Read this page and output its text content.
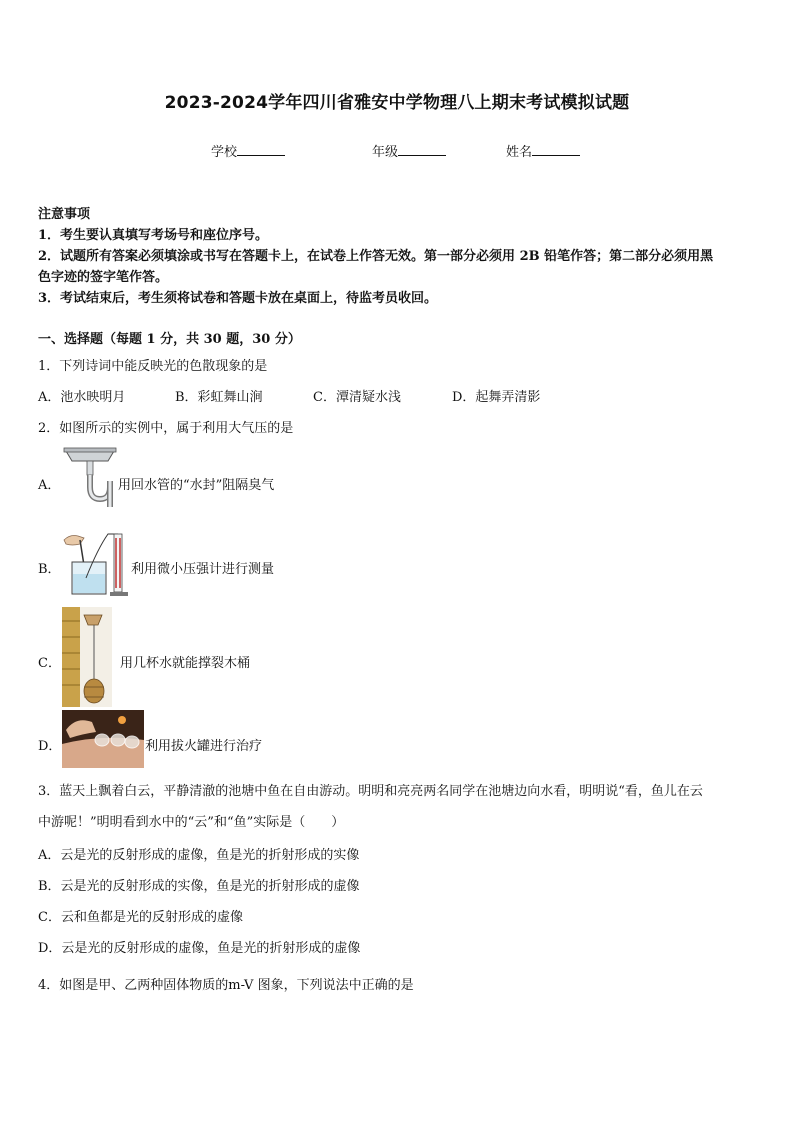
2023-2024学年四川省雅安中学物理八上期末考试模拟试题
学校	年级	姓名
注意事项
1．考生要认真填写考场号和座位序号。
2．试题所有答案必须填涂或书写在答题卡上，在试卷上作答无效。第一部分必须用 2B 铅笔作答；第二部分必须用黑
色字迹的签字笔作答。
3．考试结束后，考生须将试卷和答题卡放在桌面上，待监考员收回。
一、选择题（每题 1 分，共 30 题，30 分）
1．下列诗词中能反映光的色散现象的是
A．池水映明月	B．彩虹舞山涧	C．潭清疑水浅	D．起舞弄清影
2．如图所示的实例中，属于利用大气压的是
A．	用回水管的“水封”阻隔臭气
B．	利用微小压强计进行测量
C．	用几杯水就能撑裂木桶
D．	利用拔火罐进行治疗
3．蓝天上飘着白云，平静清澈的池塘中鱼在自由游动。明明和亮亮两名同学在池塘边向水看，明明说“看，鱼儿在云
中游呢！”明明看到水中的“云”和“鱼”实际是（　　）
A．云是光的反射形成的虚像，鱼是光的折射形成的实像
B．云是光的反射形成的实像，鱼是光的折射形成的虚像
C．云和鱼都是光的反射形成的虚像
D．云是光的反射形成的虚像，鱼是光的折射形成的虚像
4．如图是甲、乙两种固体物质的m-V 图象，下列说法中正确的是
